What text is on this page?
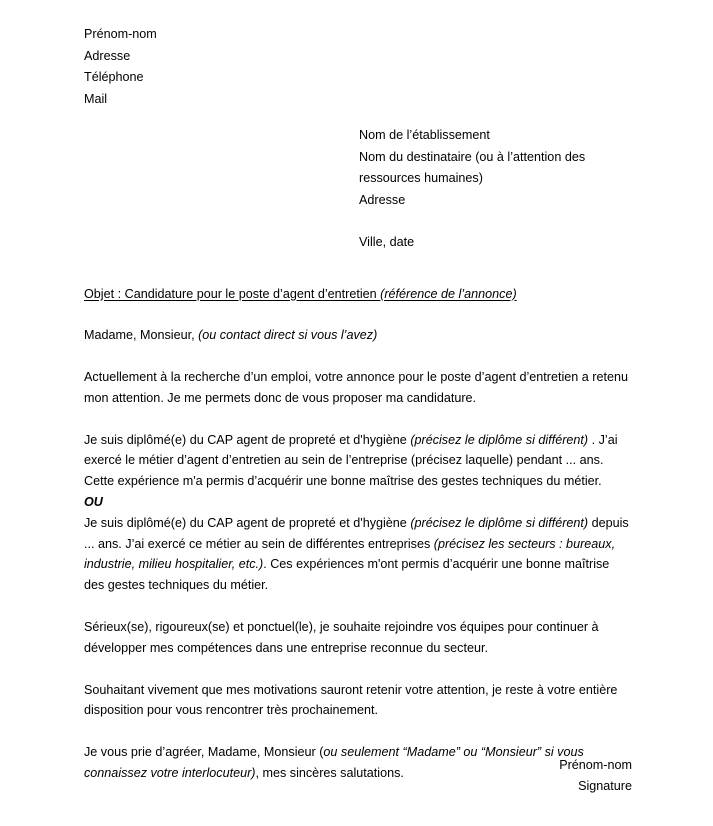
Prénom-nom
Adresse
Téléphone
Mail
Nom de l’établissement
Nom du destinataire (ou à l’attention des ressources humaines)
Adresse
Ville, date
Objet : Candidature pour le poste d’agent d’entretien (référence de l’annonce)

Madame, Monsieur, (ou contact direct si vous l’avez)

Actuellement à la recherche d’un emploi, votre annonce pour le poste d’agent d’entretien a retenu mon attention. Je me permets donc de vous proposer ma candidature.

Je suis diplômé(e) du CAP agent de propreté et d'hygiène (précisez le diplôme si différent) . J’ai exercé le métier d’agent d’entretien au sein de l’entreprise (précisez laquelle) pendant ... ans. Cette expérience m'a permis d’acquérir une bonne maîtrise des gestes techniques du métier.

OU

Je suis diplômé(e) du CAP agent de propreté et d'hygiène (précisez le diplôme si différent) depuis ... ans. J’ai exercé ce métier au sein de différentes entreprises (précisez les secteurs : bureaux, industrie, milieu hospitalier, etc.). Ces expériences m'ont permis d’acquérir une bonne maîtrise des gestes techniques du métier.

Sérieux(se), rigoureux(se) et ponctuel(le), je souhaite rejoindre vos équipes pour continuer à développer mes compétences dans une entreprise reconnue du secteur.

Souhaitant vivement que mes motivations sauront retenir votre attention, je reste à votre entière disposition pour vous rencontrer très prochainement.

Je vous prie d’agréer, Madame, Monsieur (ou seulement “Madame” ou “Monsieur” si vous connaissez votre interlocuteur), mes sincères salutations.

Prénom-nom
Signature
